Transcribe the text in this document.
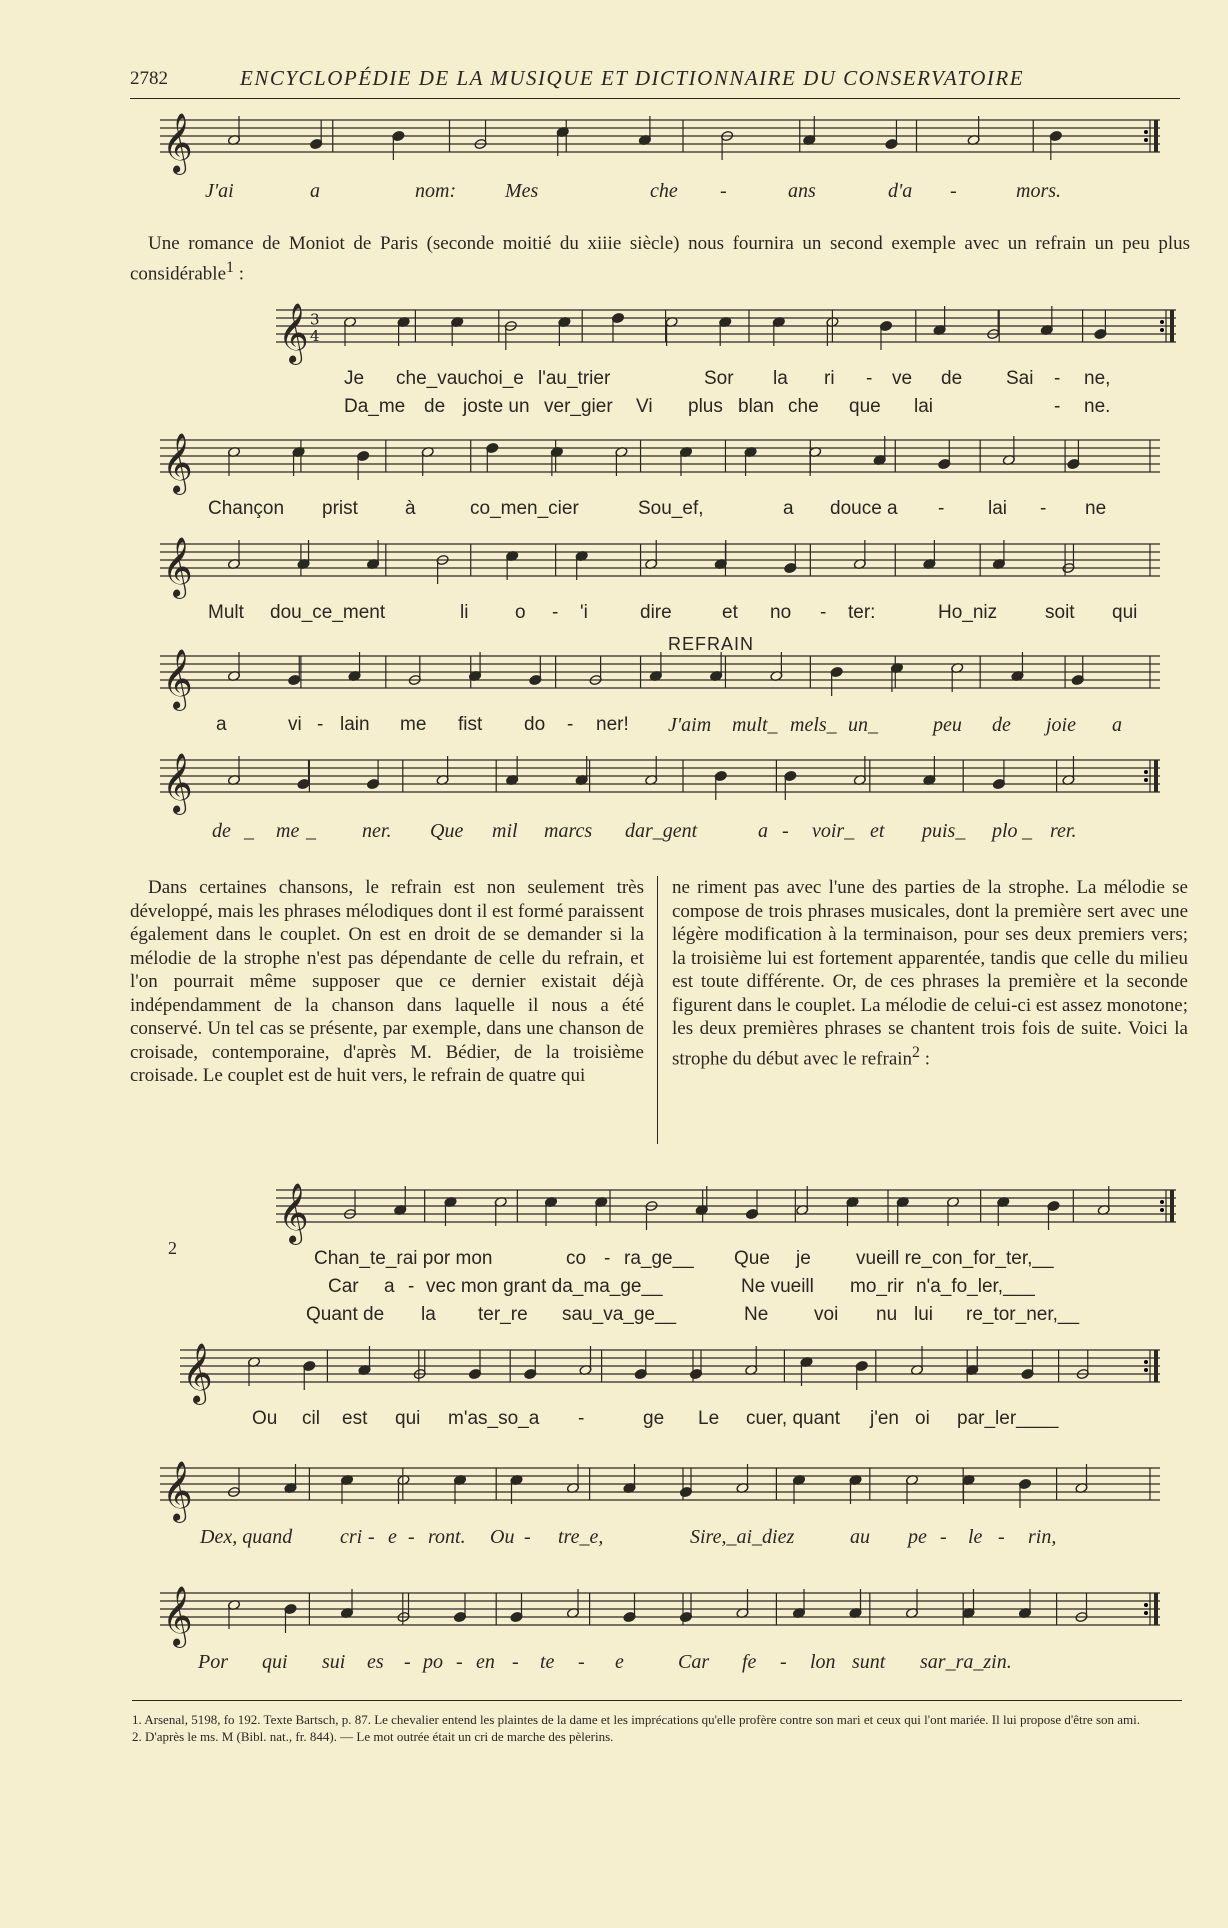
2782	ENCYCLOPÉDIE DE LA MUSIQUE ET DICTIONNAIRE DU CONSERVATOIRE
𝄞
J'ai	a	nom: Mes	che -	ans	d'a -	mors.

Une romance de Moniot de Paris (seconde moitié du xiiie siècle) nous fournira un second exemple avec un refrain un peu plus considérable$^1$ :

𝄞 3
4
Je che_vauchoi_e l'au_trier	Sor la ri - ve de Sai - ne,
Da_me de joste un ver_gier Vi plus blan che que lai	- ne.
𝄞
Chançon prist à	co_men_cier	Sou_ef,	a douce a - lai - ne
𝄞
Mult dou_ce_ment	li o - 'i	dire	et no - ter:	Ho_niz	soit qui
REFRAIN
𝄞
a	vi - lain me fist do - ner! J'aim mult_ mels_ un_	peu de joie a
𝄞
de _ me _ ner. Que mil marcs dar_gent	a - voir_ et puis_ plo _ rer.

Dans certaines chansons, le refrain est non seulement très développé, mais les phrases mélodiques dont il est formé paraissent également dans le couplet. On est en droit de se demander si la mélodie de la strophe n'est pas dépendante de celle du refrain, et l'on pourrait même supposer que ce dernier existait déjà indépendamment de la chanson dans laquelle il nous a été conservé. Un tel cas se présente, par exemple, dans une chanson de croisade, contemporaine, d'après M. Bédier, de la troisième croisade. Le couplet est de huit vers, le refrain de quatre qui

ne riment pas avec l'une des parties de la strophe. La mélodie se compose de trois phrases musicales, dont la première sert avec une légère modification à la terminaison, pour ses deux premiers vers; la troisième lui est fortement apparentée, tandis que celle du milieu est toute différente. Or, de ces phrases la première et la seconde figurent dans le couplet. La mélodie de celui-ci est assez monotone; les deux premières phrases se chantent trois fois de suite. Voici la strophe du début avec le refrain$^2$ :

𝄞
Chan_te_rai por mon	co - ra_ge__ Que je vueill re_con_for_ter,__
Car a - vec mon grant da_ma_ge__	Ne vueill mo_rir n'a_fo_ler,___
Quant de la ter_re sau_va_ge__	Ne voi nu lui re_tor_ner,__
2
𝄞
Ou cil est qui m'as_so_a -	ge Le cuer, quant j'en oi par_ler____
𝄞
Dex, quand cri - e - ront. Ou - tre_e,	Sire,_ai_diez	au pe - le - rin,
𝄞
Por qui sui es - po - en - te - e	Car fe - lon sunt sar_ra_zin.

1. Arsenal, 5198, fo 192. Texte Bartsch, p. 87. Le chevalier entend les plaintes de la dame et les imprécations qu'elle profère contre son mari et ceux qui l'ont mariée. Il lui propose d'être son ami.

2. D'après le ms. M (Bibl. nat., fr. 844). — Le mot outrée était un cri de marche des pèlerins.
